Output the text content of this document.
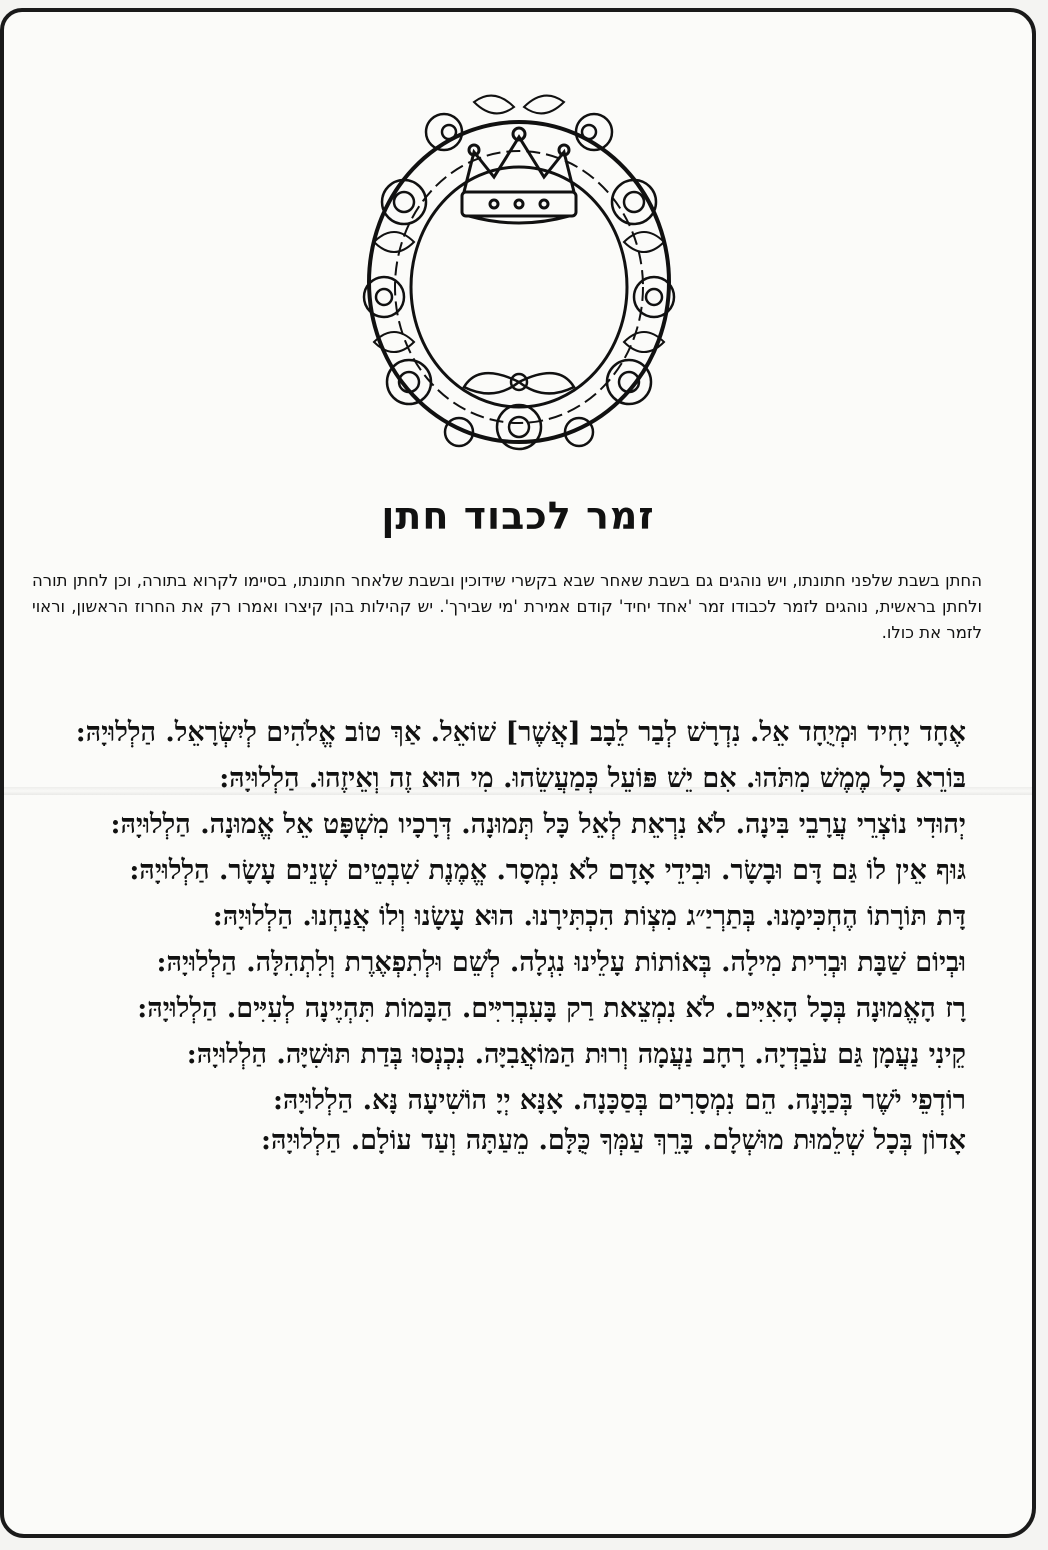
זמר לכבוד חתן

החתן בשבת שלפני חתונתו, ויש נוהגים גם בשבת שאחר שבא בקשרי שידוכין ובשבת שלאחר חתונתו, בסיימו לקרוא בתורה, וכן לחתן תורה ולחתן בראשית, נוהגים לזמר לכבודו זמר 'אחד יחיד' קודם אמירת 'מי שבירך'. יש קהילות בהן קיצרו ואמרו רק את החרוז הראשון, וראוי לזמר את כולו.

אֶחָד יָחִיד וּמְיֻחָד אֵל. נִדְרָשׁ לְבַר לֵבָב [אֲשֶׁר] שׁוֹאֵל. אַךְ טוֹב אֱלֹהִים לְיִשְׂרָאֵל. הַלְלוּיָהּ:

בּוֹרֵא כָל מֶמֶשׁ מִתֹּהוּ. אִם יֵשׁ פּוֹעֵל כְּמַעֲשֵׂהוּ. מִי הוּא זֶה וְאֵיזֶהוּ. הַלְלוּיָהּ:

יְהוּדִי נוֹצְרֵי עֲרָבֵי בִּינָה. לֹא נִרְאֵת לְאֵל כָּל תְּמוּנָה. דְּרָכָיו מִשְׁפָּט אֵל אֱמוּנָה. הַלְלוּיָהּ:

גּוּף אֵין לוֹ גַּם דָּם וּבָשָׂר. וּבִידֵי אָדָם לֹא נִמְסָר. אֱמֶנֶת שִׁבְטֵים שְׁנֵים עָשָׂר. הַלְלוּיָהּ:

דָּת תּוֹרָתוֹ הֶחְכִּימָנוּ. בְּתַרְיַ״ג מִצְוֹת הִכְתִּירָנוּ. הוּא עָשָׂנוּ וְלוֹ אֲנַחְנוּ. הַלְלוּיָהּ:

וּבְיוֹם שַׁבָּת וּבְרִית מִילָה. בְּאוֹתוֹת עָלֵינוּ נִגְלָה. לְשֵׁם וּלְתִפְאֶרֶת וְלִתְהִלָּה. הַלְלוּיָהּ:

רָז הָאֱמוּנָה בְּכָל הָאִיִּים. לֹא נִמְצֵאת רַק בָּעִבְרִיִּים. הַבָּמוֹת תִּהְיֶינָה לְעִיִּים. הַלְלוּיָהּ:

קֵינִי נַעֲמָן גַּם עֹבַדְיָה. רָחָב נַעֲמָה וְרוּת הַמּוֹאֲבִיָּה. נִכְנְסוּ בְּדַת תּוּשִׁיָּה. הַלְלוּיָהּ:

רוֹדְפֵי יֹשֶׁר בְּכַוָּנָה. הֵם נִמְסָרִים בְּסַכָּנָה. אָנָּא יְיָ הוֹשִׁיעָה נָּא. הַלְלוּיָהּ:

אָדוֹן בְּכָל שְׁלֵמוּת מוּשְׁלָם. בָּרֵךְ עַמְּךָ כֻּלָּם. מֵעַתָּה וְעַד עוֹלָם. הַלְלוּיָהּ:
